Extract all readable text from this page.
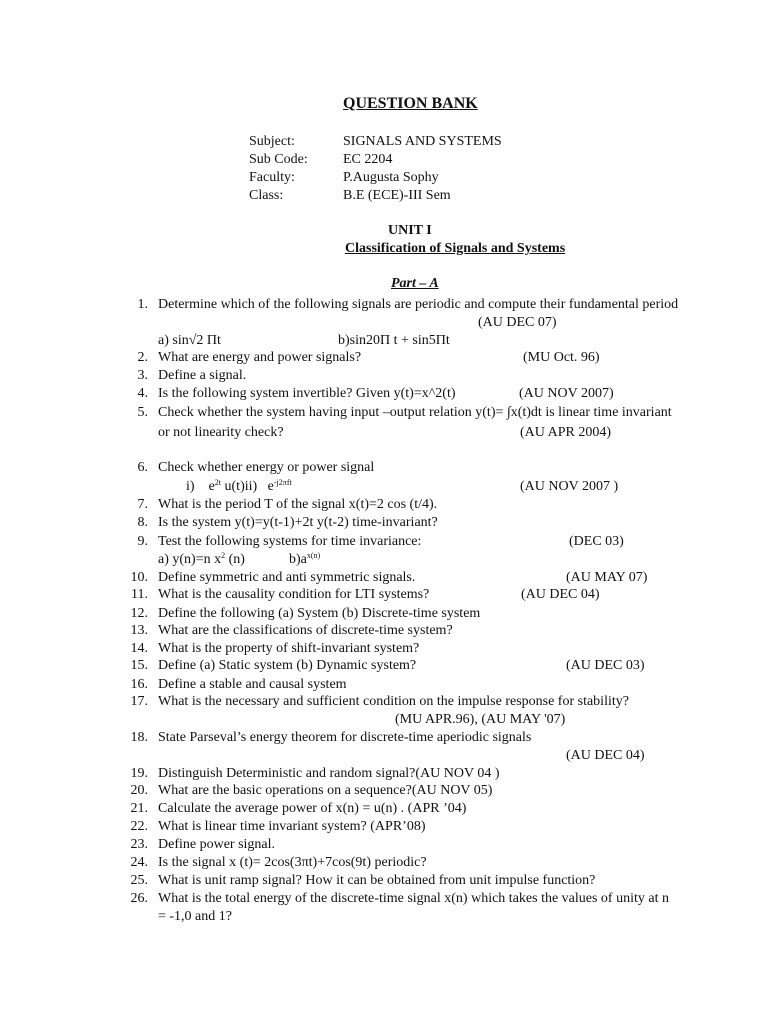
QUESTION BANK
Subject:	SIGNALS AND SYSTEMS
Sub Code:	EC 2204
Faculty:	P.Augusta Sophy
Class:	B.E (ECE)-III Sem
UNIT I
Classification of Signals and Systems
Part – A
1. Determine which of the following signals are periodic and compute their fundamental period
(AU DEC 07)
a) sin√2 Πt	b)sin20Π t + sin5Πt
2. What are energy and power signals?	(MU Oct. 96)
3. Define a signal.
4. Is the following system invertible? Given y(t)=x^2(t)	(AU NOV 2007)
5. Check whether the system having input –output relation y(t)= ∫x(t)dt is linear time invariant
or not linearity check?	(AU APR 2004)
6. Check whether energy or power signal
i) $e^{2t}$ u(t)ii) $e^{-j2\pi ft}$	(AU NOV 2007 )
7. What is the period T of the signal x(t)=2 cos (t/4).
8. Is the system y(t)=y(t-1)+2t y(t-2) time-invariant?
9. Test the following systems for time invariance:	(DEC 03)
a) y(n)=n $x^2$ (n)	$b)a^{x(n)}$
10. Define symmetric and anti symmetric signals.	(AU MAY 07)
11. What is the causality condition for LTI systems?	(AU DEC 04)
12. Define the following (a) System (b) Discrete-time system
13. What are the classifications of discrete-time system?
14. What is the property of shift-invariant system?
15. Define (a) Static system (b) Dynamic system?	(AU DEC 03)
16. Define a stable and causal system
17. What is the necessary and sufficient condition on the impulse response for stability?
(MU APR.96), (AU MAY '07)
18. State Parseval’s energy theorem for discrete-time aperiodic signals
(AU DEC 04)
19. Distinguish Deterministic and random signal?(AU NOV 04 )
20. What are the basic operations on a sequence?(AU NOV 05)
21. Calculate the average power of x(n) = u(n) . (APR ’04)
22. What is linear time invariant system? (APR’08)
23. Define power signal.
24. Is the signal x (t)= 2cos(3πt)+7cos(9t) periodic?
25. What is unit ramp signal? How it can be obtained from unit impulse function?
26. What is the total energy of the discrete-time signal x(n) which takes the values of unity at n
= -1,0 and 1?
